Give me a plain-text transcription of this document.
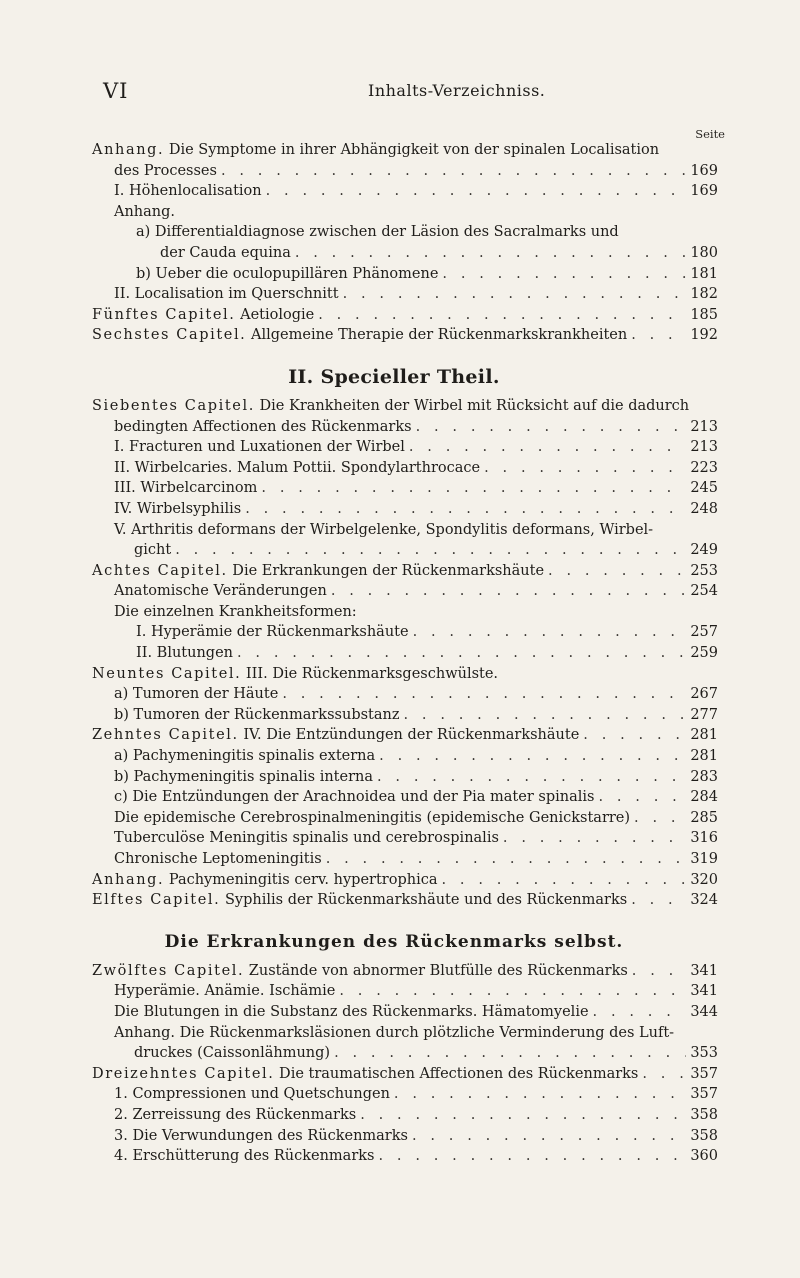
VI	Inhalts-Verzeichniss.
Seite
Anhang. Die Symptome in ihrer Abhängigkeit von der spinalen Localisation
des Processes . . .	169
I. Höhenlocalisation . . .	169
Anhang.
a) Differentialdiagnose zwischen der Läsion des Sacralmarks und
der Cauda equina . . .	180
b) Ueber die oculopupillären Phänomene . . .	181
II. Localisation im Querschnitt . . .	182
Fünftes Capitel. Aetiologie . . .	185
Sechstes Capitel. Allgemeine Therapie der Rückenmarkskrankheiten . . .	192
II. Specieller Theil.
Siebentes Capitel. Die Krankheiten der Wirbel mit Rücksicht auf die dadurch
bedingten Affectionen des Rückenmarks . . .	213
I. Fracturen und Luxationen der Wirbel . . .	213
II. Wirbelcaries. Malum Pottii. Spondylarthrocace . . .	223
III. Wirbelcarcinom . . .	245
IV. Wirbelsyphilis . . .	248
V. Arthritis deformans der Wirbelgelenke, Spondylitis deformans, Wirbel-
gicht . . .	249
Achtes Capitel. Die Erkrankungen der Rückenmarkshäute . . .	253
Anatomische Veränderungen . . .	254
Die einzelnen Krankheitsformen:
I. Hyperämie der Rückenmarkshäute . . .	257
II. Blutungen . . .	259
Neuntes Capitel. III. Die Rückenmarksgeschwülste.
a) Tumoren der Häute . . .	267
b) Tumoren der Rückenmarkssubstanz . . .	277
Zehntes Capitel. IV. Die Entzündungen der Rückenmarkshäute . . .	281
a) Pachymeningitis spinalis externa . . .	281
b) Pachymeningitis spinalis interna . . .	283
c) Die Entzündungen der Arachnoidea und der Pia mater spinalis . . .	284
Die epidemische Cerebrospinalmeningitis (epidemische Genickstarre) . . .	285
Tuberculöse Meningitis spinalis und cerebrospinalis . . .	316
Chronische Leptomeningitis . . .	319
Anhang. Pachymeningitis cerv. hypertrophica . . .	320
Elftes Capitel. Syphilis der Rückenmarkshäute und des Rückenmarks . . .	324
Die Erkrankungen des Rückenmarks selbst.
Zwölftes Capitel. Zustände von abnormer Blutfülle des Rückenmarks . . .	341
Hyperämie. Anämie. Ischämie . . .	341
Die Blutungen in die Substanz des Rückenmarks. Hämatomyelie . . .	344
Anhang. Die Rückenmarksläsionen durch plötzliche Verminderung des Luft-
druckes (Caissonlähmung) . . .	353
Dreizehntes Capitel. Die traumatischen Affectionen des Rückenmarks . . .	357
1. Compressionen und Quetschungen . . .	357
2. Zerreissung des Rückenmarks . . .	358
3. Die Verwundungen des Rückenmarks . . .	358
4. Erschütterung des Rückenmarks . . .	360
